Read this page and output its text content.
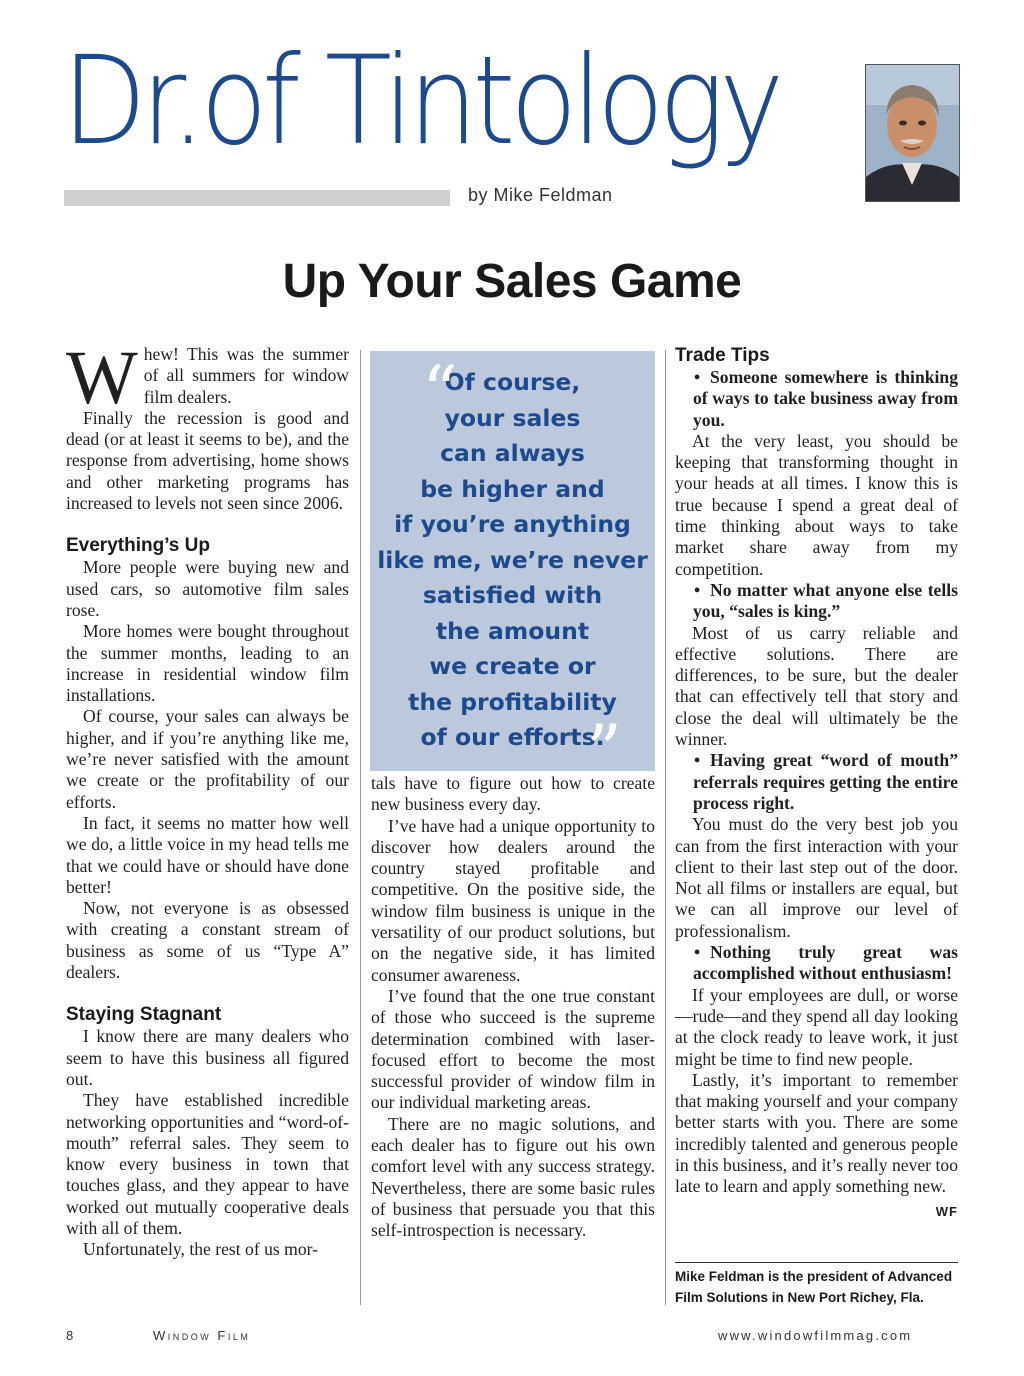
Dr.of Tintology
by Mike Feldman
Up Your Sales Game

Whew! This was the summer of all summers for window film dealers.

Finally the recession is good and dead (or at least it seems to be), and the response from advertising, home shows and other marketing programs has increased to levels not seen since 2006.

Everything’s Up

More people were buying new and used cars, so automotive film sales rose.

More homes were bought throughout the summer months, leading to an increase in residential window film installations.

Of course, your sales can always be higher, and if you’re anything like me, we’re never satisfied with the amount we create or the profitability of our efforts.

In fact, it seems no matter how well we do, a little voice in my head tells me that we could have or should have done better!

Now, not everyone is as obsessed with creating a constant stream of business as some of us “Type A” dealers.

Staying Stagnant

I know there are many dealers who seem to have this business all figured out.

They have established incredible networking opportunities and “word-of-mouth” referral sales. They seem to know every business in town that touches glass, and they appear to have worked out mutually cooperative deals with all of them.

Unfortunately, the rest of us mor-

Of course,
your sales
can always
be higher and
if you’re anything
like me, we’re never
satisfied with
the amount
we create or
the profitability
of our efforts.
“
”

tals have to figure out how to create new business every day.

I’ve have had a unique opportunity to discover how dealers around the country stayed profitable and competitive. On the positive side, the window film business is unique in the versatility of our product solutions, but on the negative side, it has limited consumer awareness.

I’ve found that the one true constant of those who succeed is the supreme determination combined with laser-focused effort to become the most successful provider of window film in our individual marketing areas.

There are no magic solutions, and each dealer has to figure out his own comfort level with any success strategy. Nevertheless, there are some basic rules of business that persuade you that this self-introspection is necessary.

Trade Tips

• Someone somewhere is thinking of ways to take business away from you.

At the very least, you should be keeping that transforming thought in your heads at all times. I know this is true because I spend a great deal of time thinking about ways to take market share away from my competition.

• No matter what anyone else tells you, “sales is king.”

Most of us carry reliable and effective solutions. There are differences, to be sure, but the dealer that can effectively tell that story and close the deal will ultimately be the winner.

• Having great “word of mouth” referrals requires getting the entire process right.

You must do the very best job you can from the first interaction with your client to their last step out of the door. Not all films or installers are equal, but we can all improve our level of professionalism.

• Nothing truly great was accomplished without enthusiasm!

If your employees are dull, or worse—rude—and they spend all day looking at the clock ready to leave work, it just might be time to find new people.

Lastly, it’s important to remember that making yourself and your company better starts with you. There are some incredibly talented and generous people in this business, and it’s really never too late to learn and apply something new.
WF

Mike Feldman is the president of Advanced Film Solutions in New Port Richey, Fla.
8	Window Film	www.windowfilmmag.com
